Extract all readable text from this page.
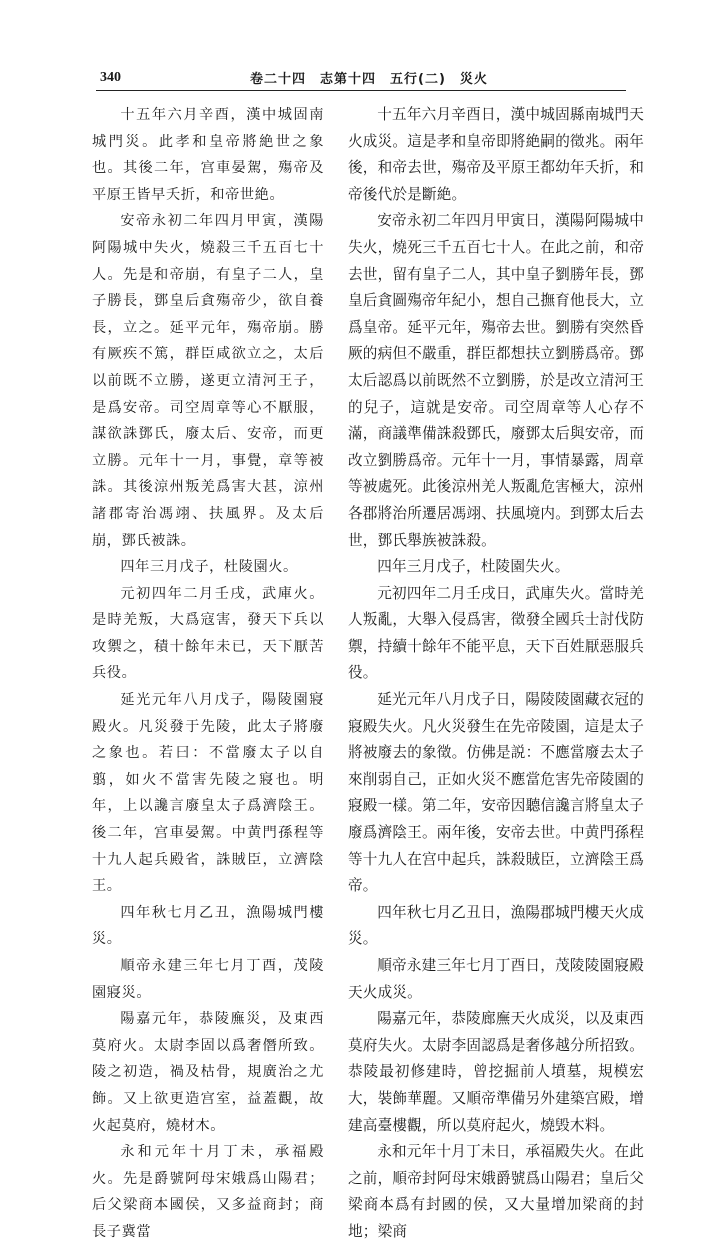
340	卷二十四　志第十四　五行(二)　災火

十五年六月辛酉，漢中城固南城門災。此孝和皇帝將絶世之象也。其後二年，宫車晏駕，殤帝及平原王皆早夭折，和帝世絶。

安帝永初二年四月甲寅，漢陽阿陽城中失火，燒殺三千五百七十人。先是和帝崩，有皇子二人，皇子勝長，鄧皇后貪殤帝少，欲自養長，立之。延平元年，殤帝崩。勝有厥疾不篤，群臣咸欲立之，太后以前既不立勝，遂更立清河王子，是爲安帝。司空周章等心不厭服，謀欲誅鄧氏，廢太后、安帝，而更立勝。元年十一月，事覺，章等被誅。其後涼州叛羌爲害大甚，涼州諸郡寄治馮翊、扶風界。及太后崩，鄧氏被誅。

四年三月戊子，杜陵園火。

元初四年二月壬戌，武庫火。是時羌叛，大爲寇害，發天下兵以攻禦之，積十餘年未已，天下厭苦兵役。

延光元年八月戊子，陽陵園寢殿火。凡災發于先陵，此太子將廢之象也。若曰：不當廢太子以自翦，如火不當害先陵之寢也。明年，上以讒言廢皇太子爲濟陰王。後二年，宫車晏駕。中黄門孫程等十九人起兵殿省，誅賊臣，立濟陰王。

四年秋七月乙丑，漁陽城門樓災。

順帝永建三年七月丁酉，茂陵園寢災。

陽嘉元年，恭陵廡災，及東西莫府火。太尉李固以爲奢僭所致。陵之初造，禍及枯骨，規廣治之尤飾。又上欲更造宫室，益蓋觀，故火起莫府，燒材木。

永和元年十月丁未，承福殿火。先是爵號阿母宋娥爲山陽君；后父梁商本國侯，又多益商封；商長子冀當

十五年六月辛酉日，漢中城固縣南城門天火成災。這是孝和皇帝即將絶嗣的徵兆。兩年後，和帝去世，殤帝及平原王都幼年夭折，和帝後代於是斷絶。

安帝永初二年四月甲寅日，漢陽阿陽城中失火，燒死三千五百七十人。在此之前，和帝去世，留有皇子二人，其中皇子劉勝年長，鄧皇后貪圖殤帝年紀小，想自己撫育他長大，立爲皇帝。延平元年，殤帝去世。劉勝有突然昏厥的病但不嚴重，群臣都想扶立劉勝爲帝。鄧太后認爲以前既然不立劉勝，於是改立清河王的兒子，這就是安帝。司空周章等人心存不滿，商議準備誅殺鄧氏，廢鄧太后與安帝，而改立劉勝爲帝。元年十一月，事情暴露，周章等被處死。此後涼州羌人叛亂危害極大，涼州各郡將治所遷居馮翊、扶風境内。到鄧太后去世，鄧氏舉族被誅殺。

四年三月戊子，杜陵園失火。

元初四年二月壬戌日，武庫失火。當時羌人叛亂，大舉入侵爲害，徵發全國兵士討伐防禦，持續十餘年不能平息，天下百姓厭惡服兵役。

延光元年八月戊子日，陽陵陵園藏衣冠的寢殿失火。凡火災發生在先帝陵園，這是太子將被廢去的象徵。仿佛是説：不應當廢去太子來削弱自己，正如火災不應當危害先帝陵園的寢殿一樣。第二年，安帝因聽信讒言將皇太子廢爲濟陰王。兩年後，安帝去世。中黄門孫程等十九人在宫中起兵，誅殺賊臣，立濟陰王爲帝。

四年秋七月乙丑日，漁陽郡城門樓天火成災。

順帝永建三年七月丁酉日，茂陵陵園寢殿天火成災。

陽嘉元年，恭陵廊廡天火成災，以及東西莫府失火。太尉李固認爲是奢侈越分所招致。恭陵最初修建時，曾挖掘前人墳墓，規模宏大，裝飾華麗。又順帝準備另外建築宫殿，增建高臺樓觀，所以莫府起火，燒毁木料。

永和元年十月丁未日，承福殿失火。在此之前，順帝封阿母宋娥爵號爲山陽君；皇后父梁商本爲有封國的侯，又大量增加梁商的封地；梁商
